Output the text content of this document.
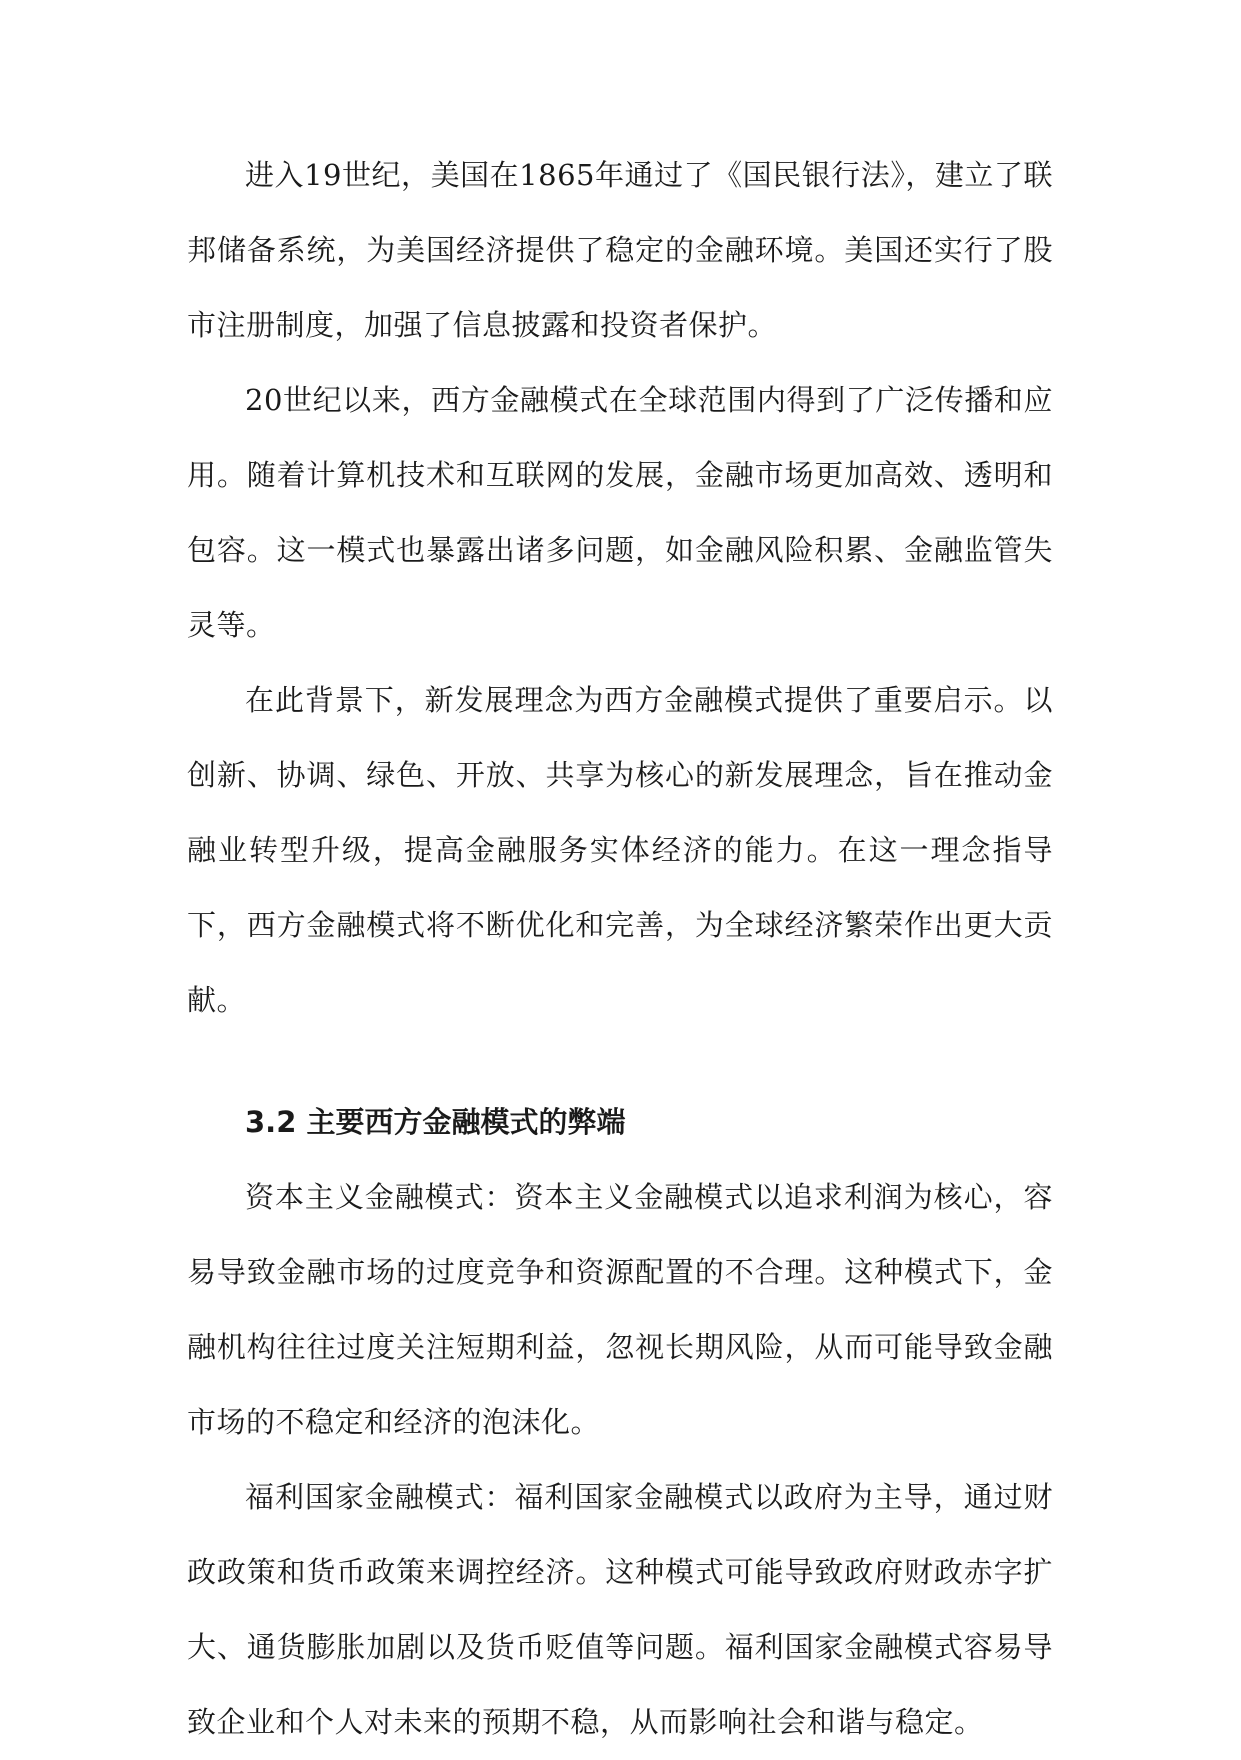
进入19世纪，美国在1865年通过了《国民银行法》，建立了联邦储备系统，为美国经济提供了稳定的金融环境。美国还实行了股市注册制度，加强了信息披露和投资者保护。

20世纪以来，西方金融模式在全球范围内得到了广泛传播和应用。随着计算机技术和互联网的发展，金融市场更加高效、透明和包容。这一模式也暴露出诸多问题，如金融风险积累、金融监管失灵等。

在此背景下，新发展理念为西方金融模式提供了重要启示。以创新、协调、绿色、开放、共享为核心的新发展理念，旨在推动金融业转型升级，提高金融服务实体经济的能力。在这一理念指导下，西方金融模式将不断优化和完善，为全球经济繁荣作出更大贡献。

3.2 主要西方金融模式的弊端

资本主义金融模式：资本主义金融模式以追求利润为核心，容易导致金融市场的过度竞争和资源配置的不合理。这种模式下，金融机构往往过度关注短期利益，忽视长期风险，从而可能导致金融市场的不稳定和经济的泡沫化。

福利国家金融模式：福利国家金融模式以政府为主导，通过财政政策和货币政策来调控经济。这种模式可能导致政府财政赤字扩大、通货膨胀加剧以及货币贬值等问题。福利国家金融模式容易导致企业和个人对未来的预期不稳，从而影响社会和谐与稳定。
